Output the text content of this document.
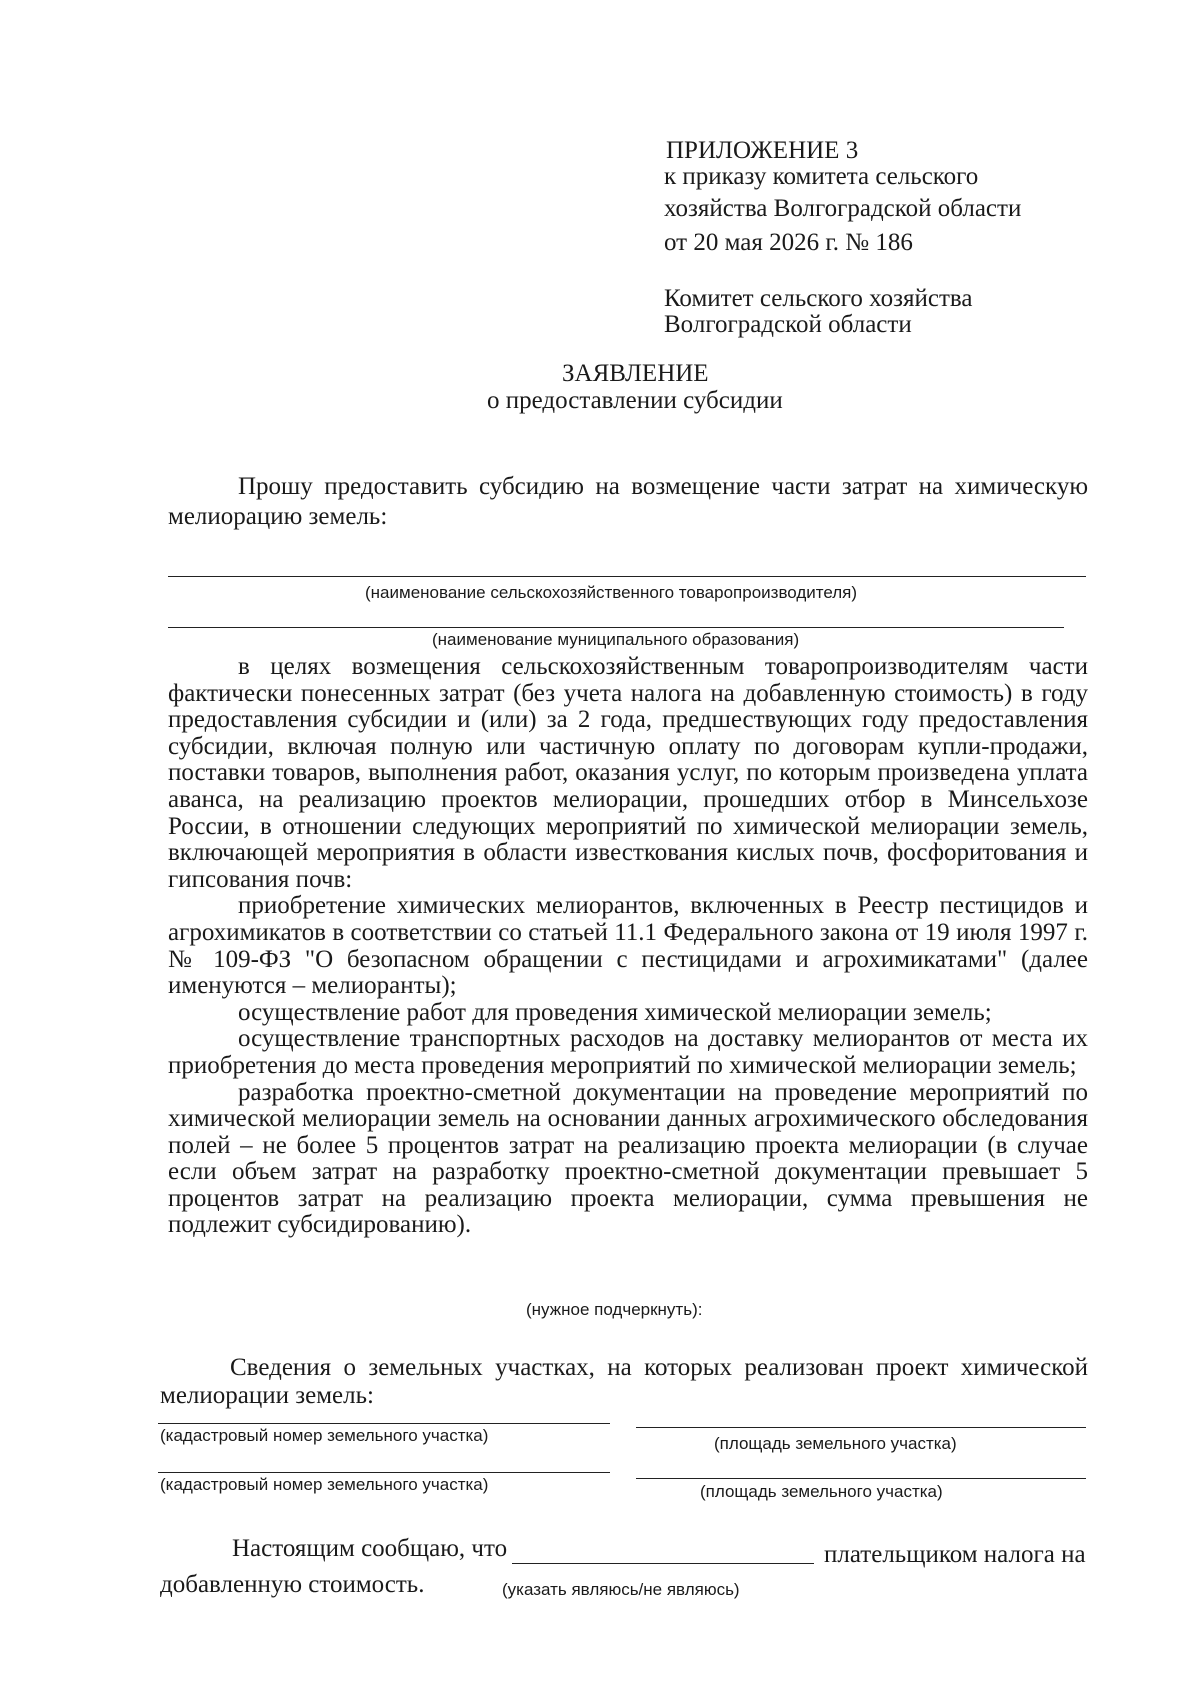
ПРИЛОЖЕНИЕ 3
к приказу комитета сельского
хозяйства Волгоградской области
от 20 мая 2026 г. № 186
Комитет сельского хозяйства
Волгоградской области
ЗАЯВЛЕНИЕ
о предоставлении субсидии
Прошу предоставить субсидию на возмещение части затрат на химическую мелиорацию земель:
(наименование сельскохозяйственного товаропроизводителя)
(наименование муниципального образования)

в целях возмещения сельскохозяйственным товаропроизводителям части фактически понесенных затрат (без учета налога на добавленную стоимость) в году предоставления субсидии и (или) за 2 года, предшествующих году предоставления субсидии, включая полную или частичную оплату по договорам купли-продажи, поставки товаров, выполнения работ, оказания услуг, по которым произведена уплата аванса, на реализацию проектов мелиорации, прошедших отбор в Минсельхозе России, в отношении следующих мероприятий по химической мелиорации земель, включающей мероприятия в области известкования кислых почв, фосфоритования и гипсования почв:

приобретение химических мелиорантов, включенных в Реестр пестицидов и агрохимикатов в соответствии со статьей 11.1 Федерального закона от 19 июля 1997 г. № 109-ФЗ "О безопасном обращении с пестицидами и агрохимикатами" (далее именуются – мелиоранты);

осуществление работ для проведения химической мелиорации земель;

осуществление транспортных расходов на доставку мелиорантов от места их приобретения до места проведения мероприятий по химической мелиорации земель;

разработка проектно-сметной документации на проведение мероприятий по химической мелиорации земель на основании данных агрохимического обследования полей – не более 5 процентов затрат на реализацию проекта мелиорации (в случае если объем затрат на разработку проектно-сметной документации превышает 5 процентов затрат на реализацию проекта мелиорации, сумма превышения не подлежит субсидированию).

(нужное подчеркнуть):
Сведения о земельных участках, на которых реализован проект химической мелиорации земель:
(кадастровый номер земельного участка)	(площадь земельного участка)
(кадастровый номер земельного участка)	(площадь земельного участка)
Настоящим сообщаю, что	плательщиком налога на
добавленную стоимость.	(указать являюсь/не являюсь)
